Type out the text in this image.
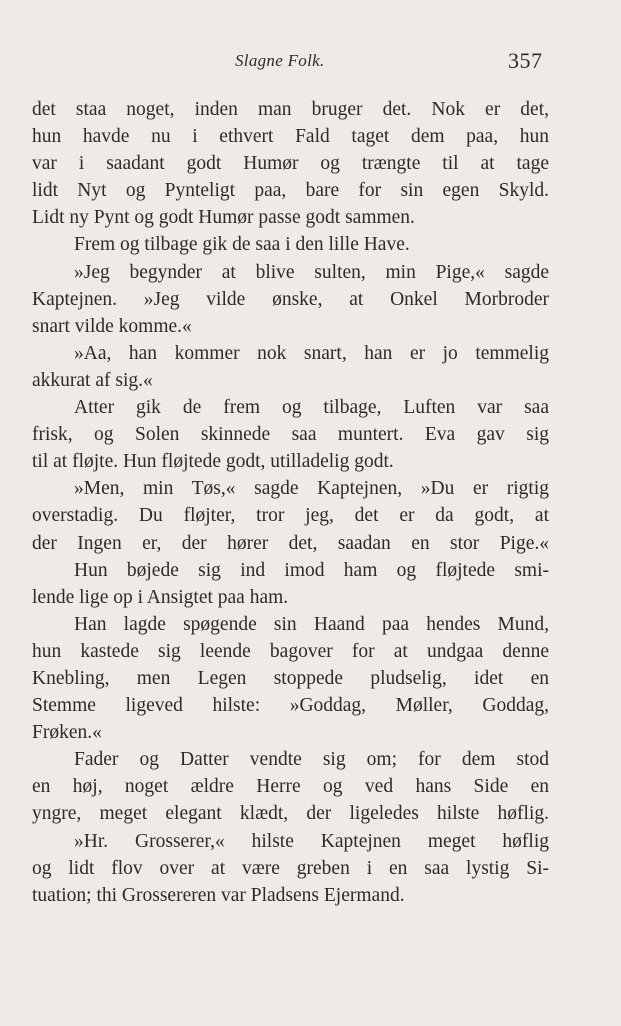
Slagne Folk.	357
det staa noget, inden man bruger det. Nok er det,
hun havde nu i ethvert Fald taget dem paa, hun
var i saadant godt Humør og trængte til at tage
lidt Nyt og Pynteligt paa, bare for sin egen Skyld.
Lidt ny Pynt og godt Humør passe godt sammen.
Frem og tilbage gik de saa i den lille Have.
»Jeg begynder at blive sulten, min Pige,« sagde
Kaptejnen. »Jeg vilde ønske, at Onkel Morbroder
snart vilde komme.«
»Aa, han kommer nok snart, han er jo temmelig
akkurat af sig.«
Atter gik de frem og tilbage, Luften var saa
frisk, og Solen skinnede saa muntert. Eva gav sig
til at fløjte. Hun fløjtede godt, utilladelig godt.
»Men, min Tøs,« sagde Kaptejnen, »Du er rigtig
overstadig. Du fløjter, tror jeg, det er da godt, at
der Ingen er, der hører det, saadan en stor Pige.«
Hun bøjede sig ind imod ham og fløjtede smi-
lende lige op i Ansigtet paa ham.
Han lagde spøgende sin Haand paa hendes Mund,
hun kastede sig leende bagover for at undgaa denne
Knebling, men Legen stoppede pludselig, idet en
Stemme ligeved hilste: »Goddag, Møller, Goddag,
Frøken.«
Fader og Datter vendte sig om; for dem stod
en høj, noget ældre Herre og ved hans Side en
yngre, meget elegant klædt, der ligeledes hilste høflig.
»Hr. Grosserer,« hilste Kaptejnen meget høflig
og lidt flov over at være greben i en saa lystig Si-
tuation; thi Grossereren var Pladsens Ejermand.
